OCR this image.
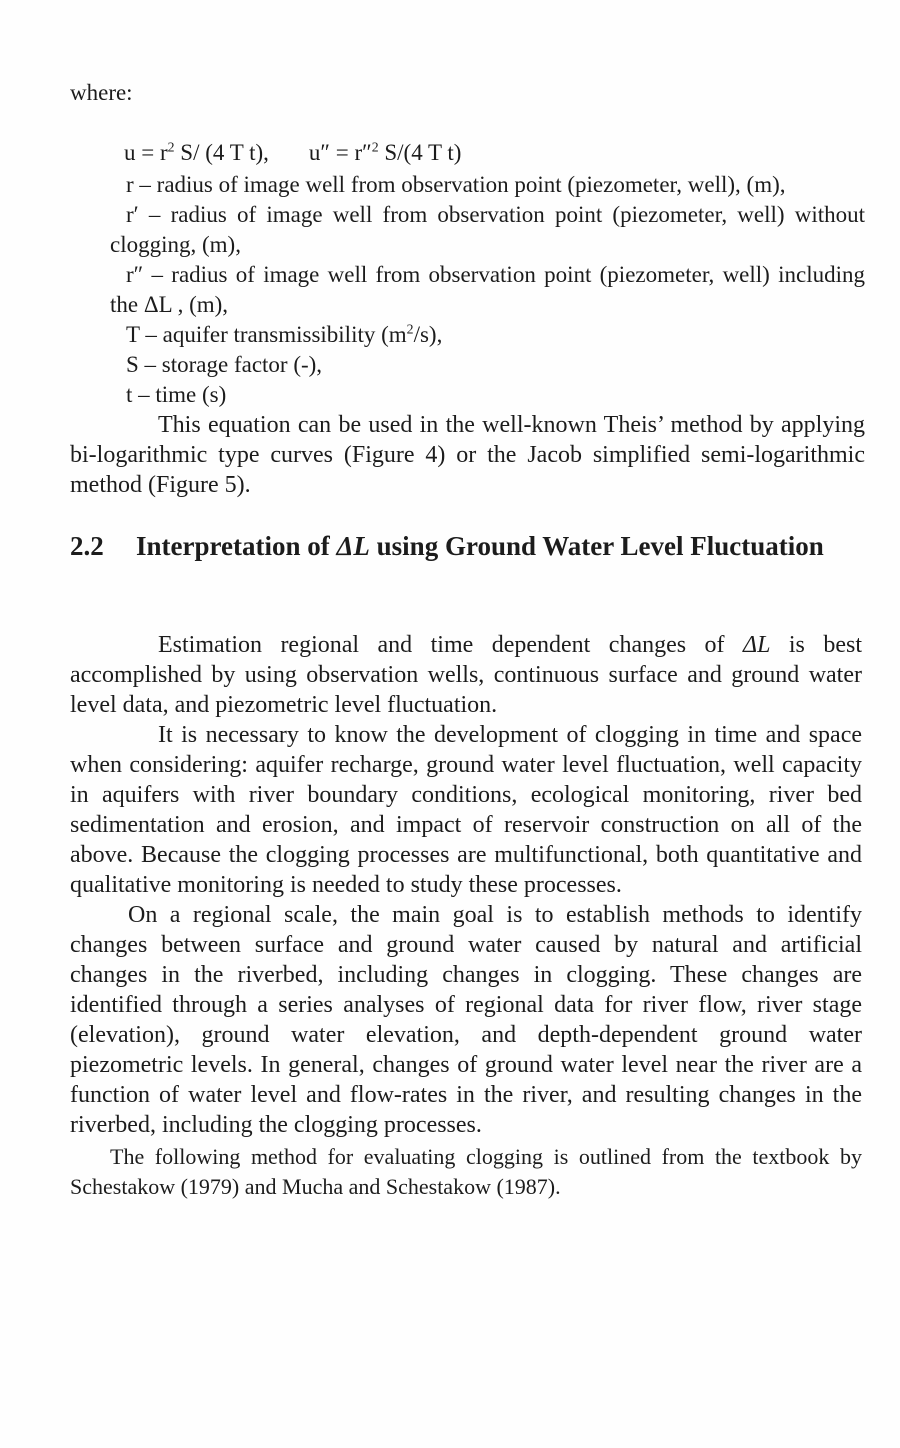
where:
$u = r^2$ S/ (4 T t), u″ = r″$^2$ S/(4 T t)
r – radius of image well from observation point (piezometer, well), (m),
r′ – radius of image well from observation point (piezometer, well) without clogging, (m),
r″ – radius of image well from observation point (piezometer, well) including the ΔL , (m),
T – aquifer transmissibility $(m^2/s)$,
S – storage factor (-),
t – time (s)
This equation can be used in the well-known Theis’ method by applying bi-logarithmic type curves (Figure 4) or the Jacob simplified semi-logarithmic method (Figure 5).
2.2 Interpretation of ΔL using Ground Water Level Fluctuation

Estimation regional and time dependent changes of ΔL is best accomplished by using observation wells, continuous surface and ground water level data, and piezometric level fluctuation.

It is necessary to know the development of clogging in time and space when considering: aquifer recharge, ground water level fluctuation, well capacity in aquifers with river boundary conditions, ecological monitoring, river bed sedimentation and erosion, and impact of reservoir construction on all of the above. Because the clogging processes are multifunctional, both quantitative and qualitative monitoring is needed to study these processes.

On a regional scale, the main goal is to establish methods to identify changes between surface and ground water caused by natural and artificial changes in the riverbed, including changes in clogging. These changes are identified through a series analyses of regional data for river flow, river stage (elevation), ground water elevation, and depth-dependent ground water piezometric levels. In general, changes of ground water level near the river are a function of water level and flow-rates in the river, and resulting changes in the riverbed, including the clogging processes.

The following method for evaluating clogging is outlined from the textbook by Schestakow (1979) and Mucha and Schestakow (1987).
